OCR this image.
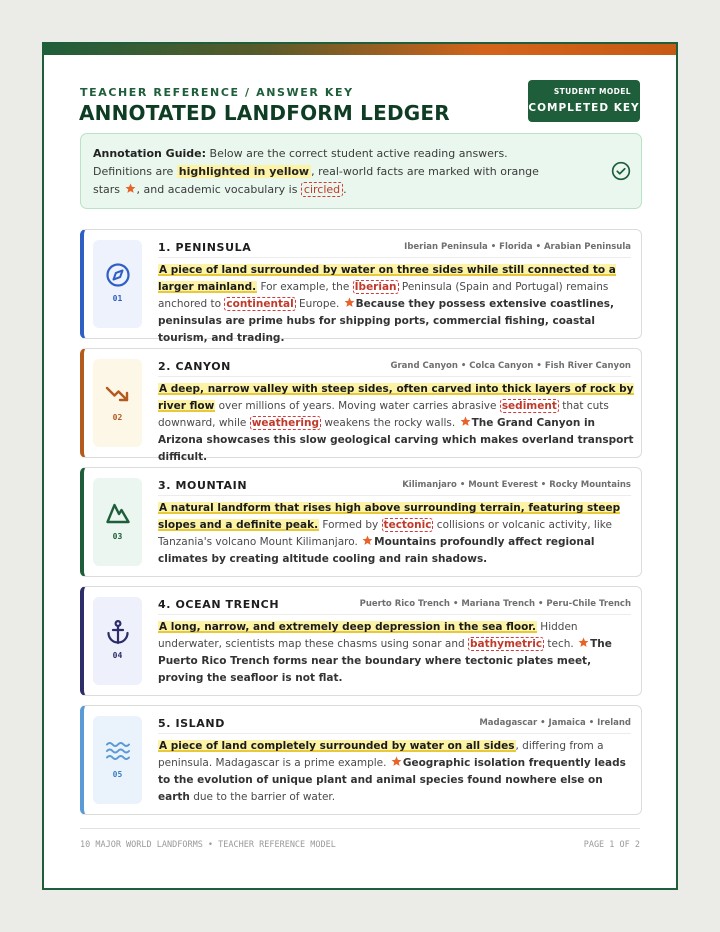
TEACHER REFERENCE / ANSWER KEY
ANNOTATED LANDFORM LEDGER
STUDENT MODEL
COMPLETED KEY
Annotation Guide: Below are the correct student active reading answers. Definitions are highlighted in yellow , real-world facts are marked with orange stars , and academic vocabulary is circled .
01
1. PENINSULA	Iberian Peninsula • Florida • Arabian Peninsula
A piece of land surrounded by water on three sides while still connected to a larger mainland. For example, the Iberian Peninsula (Spain and Portugal) remains anchored to continental Europe. Because they possess extensive coastlines, peninsulas are prime hubs for shipping ports, commercial fishing, coastal tourism, and trading.
02
2. CANYON	Grand Canyon • Colca Canyon • Fish River Canyon
A deep, narrow valley with steep sides, often carved into thick layers of rock by river flow over millions of years. Moving water carries abrasive sediment that cuts downward, while weathering weakens the rocky walls. The Grand Canyon in Arizona showcases this slow geological carving which makes overland transport difficult.
03
3. MOUNTAIN	Kilimanjaro • Mount Everest • Rocky Mountains
A natural landform that rises high above surrounding terrain, featuring steep slopes and a definite peak. Formed by tectonic collisions or volcanic activity, like Tanzania's volcano Mount Kilimanjaro. Mountains profoundly affect regional climates by creating altitude cooling and rain shadows.
04
4. OCEAN TRENCH	Puerto Rico Trench • Mariana Trench • Peru-Chile Trench
A long, narrow, and extremely deep depression in the sea floor. Hidden underwater, scientists map these chasms using sonar and bathymetric tech. The Puerto Rico Trench forms near the boundary where tectonic plates meet, proving the seafloor is not flat.
05
5. ISLAND	Madagascar • Jamaica • Ireland
A piece of land completely surrounded by water on all sides, differing from a peninsula. Madagascar is a prime example. Geographic isolation frequently leads to the evolution of unique plant and animal species found nowhere else on earth due to the barrier of water.
10 MAJOR WORLD LANDFORMS • TEACHER REFERENCE MODEL	PAGE 1 OF 2
